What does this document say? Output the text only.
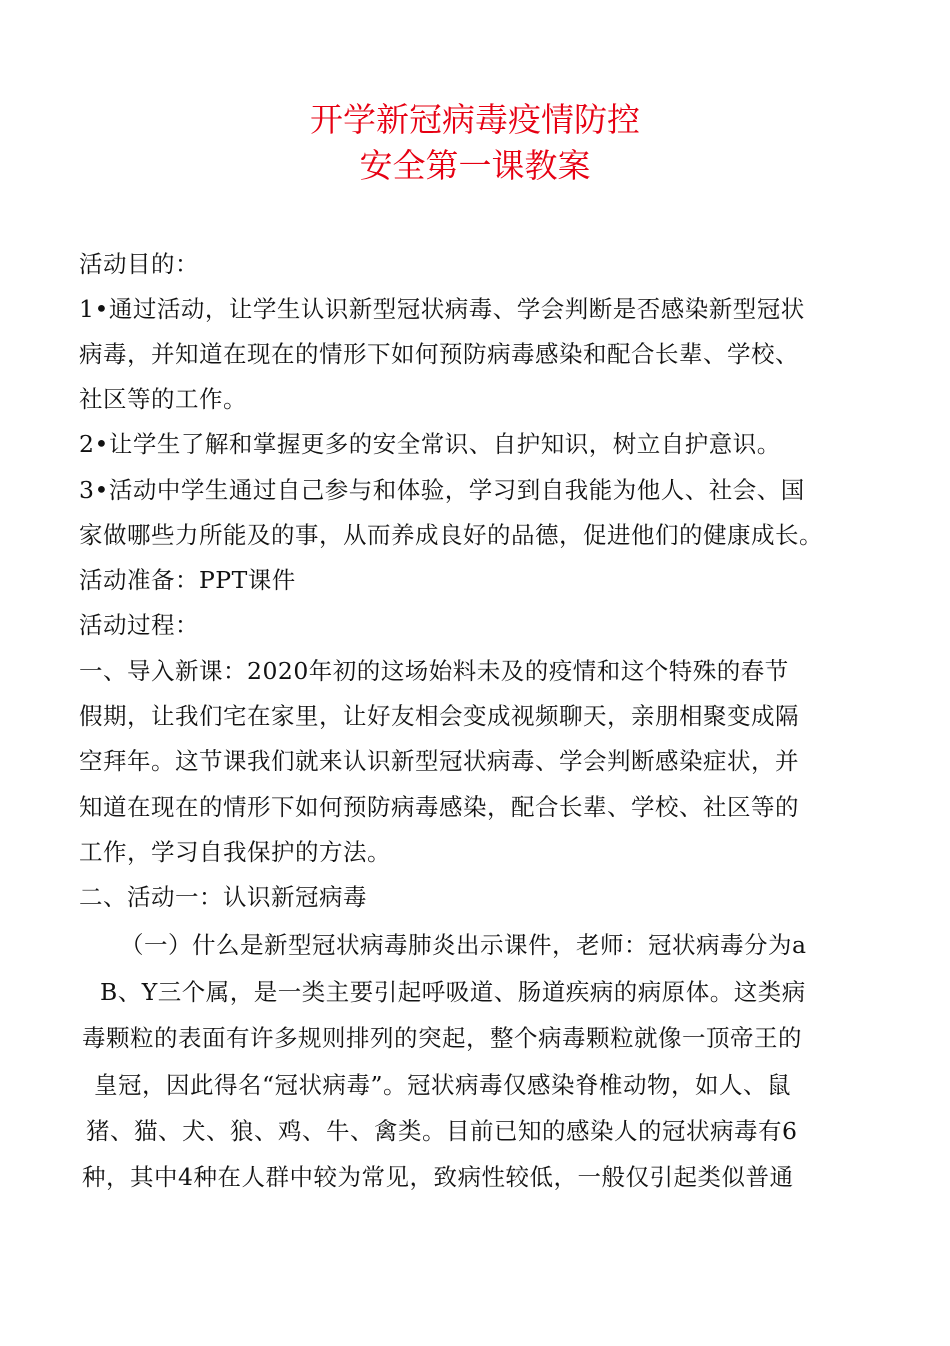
开学新冠病毒疫情防控
安全第一课教案
活动目的：
1•通过活动，让学生认识新型冠状病毒、学会判断是否感染新型冠状
病毒，并知道在现在的情形下如何预防病毒感染和配合长辈、学校、
社区等的工作。
2•让学生了解和掌握更多的安全常识、自护知识，树立自护意识。
3•活动中学生通过自己参与和体验，学习到自我能为他人、社会、国
家做哪些力所能及的事，从而养成良好的品德，促进他们的健康成长。
活动准备：PPT课件
活动过程：
一、导入新课：2020年初的这场始料未及的疫情和这个特殊的春节
假期，让我们宅在家里，让好友相会变成视频聊天，亲朋相聚变成隔
空拜年。这节课我们就来认识新型冠状病毒、学会判断感染症状，并
知道在现在的情形下如何预防病毒感染，配合长辈、学校、社区等的
工作，学习自我保护的方法。
二、活动一：认识新冠病毒
（一）什么是新型冠状病毒肺炎出示课件，老师：冠状病毒分为a
B、Y三个属，是一类主要引起呼吸道、肠道疾病的病原体。这类病
毒颗粒的表面有许多规则排列的突起，整个病毒颗粒就像一顶帝王的
皇冠，因此得名“冠状病毒”。冠状病毒仅感染脊椎动物，如人、鼠
猪、猫、犬、狼、鸡、牛、禽类。目前已知的感染人的冠状病毒有6
种，其中4种在人群中较为常见，致病性较低，一般仅引起类似普通
